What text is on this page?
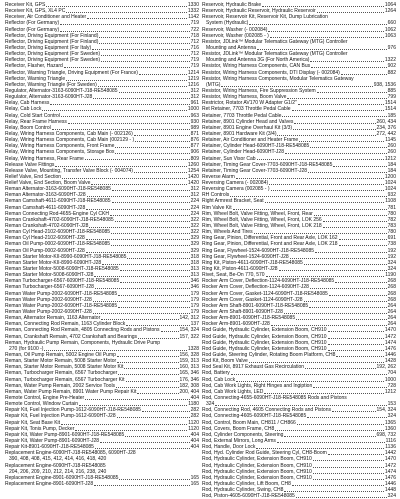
Receiver Kit, GPS	1330
Receiver Kit, GPS, XL4 PC	1332
Receiver, Air Conditioner and Heater	1142
Reflector (For Germany)	719
Reflector (For Germany)	722
Reflector, Driving Equipment (For Finland)	718
Reflector, Driving Equipment (For Finland)	712
Reflector, Driving Equipment (For Italy)	716
Reflector, Driving Equipment (For Sweden)	712
Reflector, Driving Equipment (For Sweden)	719
Reflector, Flasher, Hazard	719
Reflector, Warning Triangle, Driving Equipment (For France)	1214
Reflector, Warning Triangle	1219
Reflector, Warning Triangle (For Sweden)	1216
Regulator, Alternator-3163-6090HT-J18-RE548085	312
Regulator, Alternator-3163-6090HT-J28	312
Relay, Cab Harness	961
Relay, Cab Lock	1000
Relay, Cold Start Control	963
Relay, Rear Frame Harness	930
Relay, Boom Control	989
Relay, Wiring Harness Components, Cab Main (- 002126)	871
Relay, Wiring Harness Components, Cab Main (002129 - )	876
Relay, Wiring Harness Components, Front Frame	877
Relay, Wiring Harness Components, Storage Box	906
Relay, Wiring Harness, Rear Frame	809
Release Valve Fittings	1260
Release Valve, Mounting, Transfer Valve Block (- 004074)	1254
Relief Valve, End Section	1420
Relief Valve, End Section, Boom Valve	1420
Reman Alternator-3163-6090HT-J18-RE548085	312
Reman Alternator-3163-6090HT-J28	312
Reman Camshaft-4611-6090HT-J18-RE548085	224
Reman Camshaft-4611-6090HT-J28	224
Reman Connecting Rod-4655-Engine Cyl CKH	224
Reman Crankshaft-4702-6090HT-J18-RE548085	322
Reman Crankshaft-4702-6090HT-J28	322
Reman Cyl Head-2102-6090HT-J18-RE548085	322
Reman Cyl Head-2102-6090HT-J28	329
Reman Oil Pump-0002-6090HT-J18-RE548085	329
Reman Oil Pump-0002-6090HT-J28	329
Reman Starter Motor-KII-8990-6090HT-J18-RE548085	318
Reman Starter Motor-KII-8990-6090HT-J28	318
Reman Starter Motor-5008-6090HT-J18-RE548085	313
Reman Starter Motor-5008-6090HT-J28	313
Reman Turbocharger-6567-6090HT-J18-RE548085	346
Reman Turbocharger-6567-6090HT-J28	346
Reman Water Pump-2002-6090HT-J18-RE548085	179
Reman Water Pump-2002-6090HT-J28	179
Reman Water Pump-2002-6090HT-J18-RE548085	179
Reman Water Pump-2002-6090HT-J28	179
Reman, Alternator Remain, 1163 Alternator	142, 312
Reman, Connecting Rod Remain, 1163 Cylinder Block	137
Reman, Connecting Rod Remain, 4805 Connecting Rods and Pistons	154, 324
Reman, Crankshaft Remain, 4702 Crankshaft and Bearings	157, 322
Reman, Hydraulic Pump Remain, Components, Hydraulic Drive Pump
270 (for 9100 -)	1328
Reman, Oil Pump Remain, 5002 Engine Oil Pump	156, 328
Reman, Starter Motor Remain, 5008 Starter Motor	159, 313
Reman, Starter Motor Remain, 5008 Starter Motor Kit	160, 313
Reman, Turbocharger Remain, 6567 Turbocharger	165, 346
Reman, Turbocharger Remain, 6567 Turbocharger Kit	176, 346
Reman, Water Pump Remain, 2002 Service Tools	182, 308
Reman, Water Pump Remain, 8901 Water Pump Repair Kit	200, 404
Remote Control, Engine Pre-Heater	404
Remote Control, Window Curtain	1180
Repair Kit, Fuel Injection Pump-1612-6090HT-J18-RE548085	282
Repair Kit, Fuel Injection Pump-1612-6090HT-J28	282
Repair Kit, Seat Base Kit	1120
Repair Kit, Tonis Pump, Decker	1120
Repair Kit, Water Pump-8901-6090HT-J18-RE548085	404
Repair Kit, Water Pump-8901-6090HT-J28	404
Repair Kit-8901-6090HT-J18-RE548085	404
Replacement Engine-6090HT-J18-RE548085, 6090HT-J28
390, 408, 408, 415, 412, 414, 416, 418, 420
Replacement Engine-6090HT-J18-RE548085
204, 206, 209, 210, 212, 214, 216, 238, 240
Replacement Engine-8901-6090HT-J18-RE548085	165
Replacement Engine-8901-6090HT-J28	165
Reservoir, Hydraulic Brake	1064
Reservoir, Hydraulic Reservoir, Hydraulic Reservoir	1264
Reservoir, Reservoir Kit, Reservoir Kit, Dump Lubrication
System (Hydraulic)	660
Reservoir, Washer (- 002084)	1062
Reservoir, Washer (002085 - )	1063
Resistor, JDLink™ Modular Telematics Gateway (MTG) Controller
Mounting and Antenna	976
Resistor, JDLink™ Modular Telematics Gateway (MTG) Controller
Mounting and Antenna 3G (For North America)	1322
Resistor, Wiring Harness Components, CAN Bus	902
Resistor, Wiring Harness Components, DTI Display (- 002084)	882
Resistor, Wiring Harness Components, Modular Telematics Gateway
(MTG)	938, 1536
Resistor, Wiring Harness, Fire Suppression System	885
Resistor, Wiring Harness, Boom Valve	799
Restrictor, Rotator AV170 W Adapter G1/2"	1514
Ret Retainer, 7703 Throttle Pedal Cable	1514
Retainer, 7703 Throttle Pedal Cable	185
Retainer, 8901 Cylinder Head and Valves	260, 434
Retainer, 8901 Engine Overhaul Kit (3/3)	234, 376
Retainer, 8901 Hardware Kit (3/4)	272, 442
Retainer, Air Conditioner and Heater Frame	1145
Retainer, Cylinder Head-6090HT-J18-RE548085	260
Retainer, Cylinder Head-6090HT-J28	260
Retainer, Sun Visor Cab	1212
Retainer, Timing Gear Cover-7703-6090HT-J18-RE548085	184
Retainer, Timing Gear Cover-7703-6090HT-J28	184
Reverse Alarm	1200
Reversing Camera (- 002084)	1024
Reversing Camera (002085 - )	1024
RH Controls	932
Right Armrest Bracket, Seat	1108
Rim Valve Kit	781
Rim, Wheel Bolt, Valve Fitting, Wheel, Front, Rear	780
Rim, Wheel Bolt, Valve Fitting, Wheel, Front, LOK 256	782
Rim, Wheel Bolt, Valve Fitting, Wheel, Front, LOK 218	783
Rim, Wheels And Tires	780
Ring Gear, Pinion, Differential, Front and Rear Axle, LOK 162	691
Ring Gear, Pinion, Differential, Front and Rear Axle, LOK 218	738
Ring Gear, Flywheel-1524-6090HT-J18-RE548085	192
Ring Gear, Flywheel-1524-6090HT-J28	192
Ring Kit, Piston-4611-6090HT-J18-RE548085	324
Ring Kit, Piston-4611-6090HT-J28	324
Rivet, Seat, Be-On 770, 570	1190
Rocker Arm Cover, Deflection-1124-6090HT-J18-RE548085	268
Rocker Arm Cover, Deflection-1124-6090HT-J28	268
Rocker Arm Cover, Gasket-1124-6090HT-J18-RE548085	268
Rocker Arm Cover, Gasket-1124-6090HT-J28	268
Rocker Arm Shaft-8901-6090HT-J18-RE548085	264
Rocker Arm Shaft-8901-6090HT-J28	264
Rocker Arm-8901-6090HT-J18-RE548085	264
Rocker Arm-8901-6090HT-J28	264
Rod Guide, Hydraulic Cylinder, Extension Boom, CH910	1470
Rod Guide, Hydraulic Cylinder, Extension Boom, CH910	1472
Rod Guide, Hydraulic Cylinder, Extension Boom, CH910	1474
Rod Guide, Hydraulic Cylinder, Extension Boom, CH910	1476
Rod Guide, Steering Cylinder, Rotating Boom Platform, CH8	1446
Rod Kit, Boom Valve	1428
Rod Seal Kit, 8917 Exhaust Gas Recirculation	192, 262
Rod, Battery	704
Rod, Cab Lock	1000
Rod, Cab Work Lights, Right Hinges and Ingiption	728
Rod, Cab Work Lights, LED	1212
Rod, Connecting-4655-6090HT-J18-RE548085 Rods and Pistons
324	153
Rod, Connecting Rod, 4605 Connecting Rods and Pistons	154, 324
Rod, Connecting-4605-6090HT-J18-RE548085	324
Rod, Control, Boom Main, CH811 / CH866	1365
Rod, Covers, Boom Frame, CH8	1360
Rod, Cylinder Components, Steering	698, 732
Rod, External Mirrors, Long Arms	1116
Rod, Handle, Door Lock	1136
Rod, Hyd. Cylinder Rod Guide, Steering Cyl, CH8-Boom	1442
Rod, Hydraulic Cylinder, Extension Boom, CH910	1470
Rod, Hydraulic Cylinder, Extension Boom, CH910	1472
Rod, Hydraulic Cylinder, Extension Boom, CH910	1474
Rod, Hydraulic Cylinder, Extension Boom, CH910	1476
Rod, Hydraulic Cylinder, Lift Boom, CH8	1446
Rod, Hydraulic Cylinder, Swing, CH8	1448
Rod, Piston-4605-6090HT-J18-RE548085	324
